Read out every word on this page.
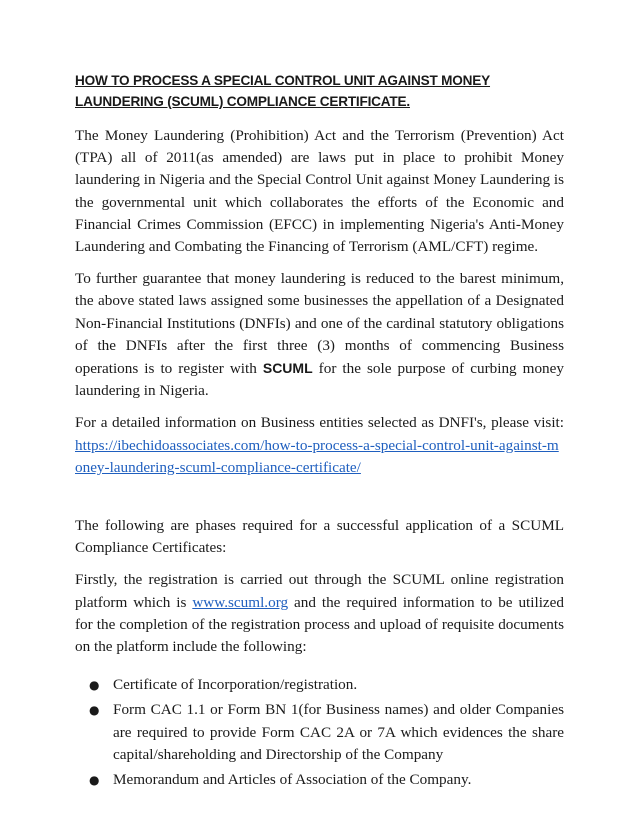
HOW TO PROCESS A SPECIAL CONTROL UNIT AGAINST MONEY LAUNDERING (SCUML) COMPLIANCE CERTIFICATE.

The Money Laundering (Prohibition) Act and the Terrorism (Prevention) Act (TPA) all of 2011(as amended) are laws put in place to prohibit Money laundering in Nigeria and the Special Control Unit against Money Laundering is the governmental unit which collaborates the efforts of the Economic and Financial Crimes Commission (EFCC) in implementing Nigeria's Anti-Money Laundering and Combating the Financing of Terrorism (AML/CFT) regime.

To further guarantee that money laundering is reduced to the barest minimum, the above stated laws assigned some businesses the appellation of a Designated Non-Financial Institutions (DNFIs) and one of the cardinal statutory obligations of the DNFIs after the first three (3) months of commencing Business operations is to register with SCUML for the sole purpose of curbing money laundering in Nigeria.

For a detailed information on Business entities selected as DNFI's, please visit: https://ibechidoassociates.com/how-to-process-a-special-control-unit-against-money-laundering-scuml-compliance-certificate/

The following are phases required for a successful application of a SCUML Compliance Certificates:

Firstly, the registration is carried out through the SCUML online registration platform which is www.scuml.org and the required information to be utilized for the completion of the registration process and upload of requisite documents on the platform include the following:

● Certificate of Incorporation/registration.
● Form CAC 1.1 or Form BN 1(for Business names) and older Companies are required to provide Form CAC 2A or 7A which evidences the share capital/shareholding and Directorship of the Company
● Memorandum and Articles of Association of the Company.
